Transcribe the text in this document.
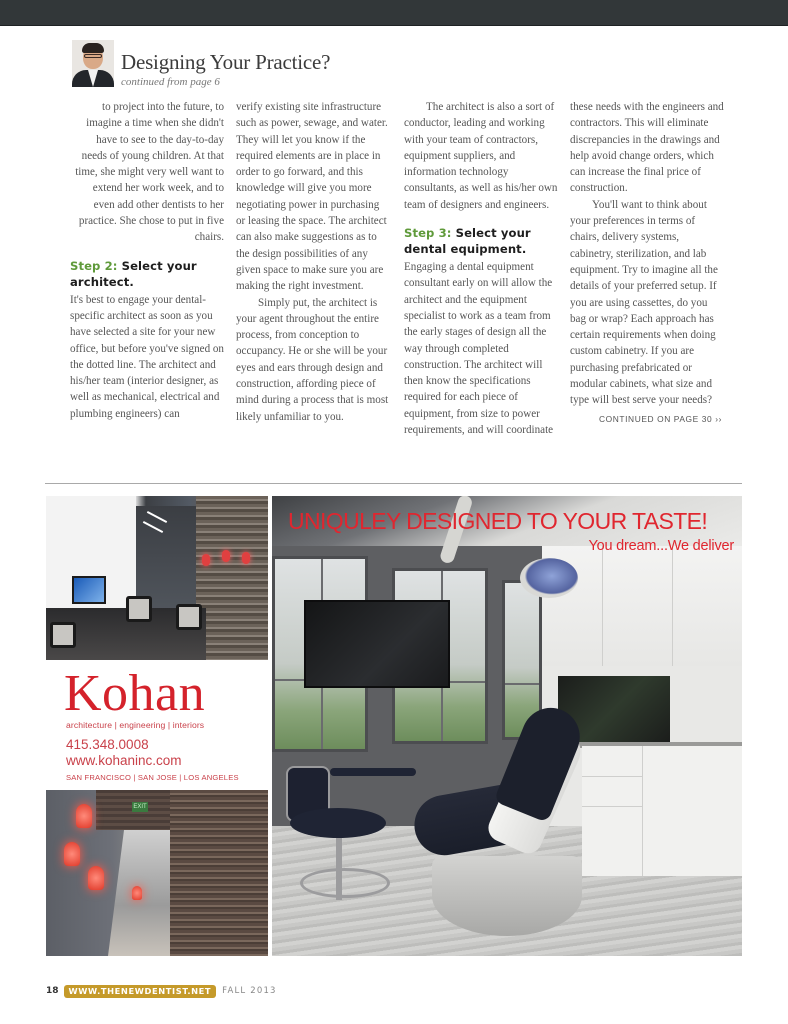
Designing Your Practice?
continued from page 6

to project into the future, to imagine a time when she didn't have to see to the day-to-day needs of young children. At that time, she might very well want to extend her work week, and to even add other dentists to her practice. She chose to put in five chairs.

Step 2: Select your architect.

It's best to engage your dental-specific architect as soon as you have selected a site for your new office, but before you've signed on the dotted line. The architect and his/her team (interior designer, as well as mechanical, electrical and plumbing engineers) can

verify existing site infrastructure such as power, sewage, and water. They will let you know if the required elements are in place in order to go forward, and this knowledge will give you more negotiating power in purchasing or leasing the space. The architect can also make suggestions as to the design possibilities of any given space to make sure you are making the right investment.

Simply put, the architect is your agent throughout the entire process, from conception to occupancy. He or she will be your eyes and ears through design and construction, affording piece of mind during a process that is most likely unfamiliar to you.

The architect is also a sort of conductor, leading and working with your team of contractors, equipment suppliers, and information technology consultants, as well as his/her own team of designers and engineers.

Step 3: Select your dental equipment.

Engaging a dental equipment consultant early on will allow the architect and the equipment specialist to work as a team from the early stages of design all the way through completed construction. The architect will then know the specifications required for each piece of equipment, from size to power requirements, and will coordinate

these needs with the engineers and contractors. This will eliminate discrepancies in the drawings and help avoid change orders, which can increase the final price of construction.

You'll want to think about your preferences in terms of chairs, delivery systems, cabinetry, sterilization, and lab equipment. Try to imagine all the details of your preferred setup. If you are using cassettes, do you bag or wrap? Each approach has certain requirements when doing custom cabinetry. If you are purchasing prefabricated or modular cabinets, what size and type will best serve your needs?

CONTINUED ON PAGE 30 ››
Kohan
architecture | engineering | interiors
415.348.0008
www.kohaninc.com
SAN FRANCISCO | SAN JOSE | LOS ANGELES
EXIT
UNIQULEY DESIGNED TO YOUR TASTE!
You dream...We deliver
18	WWW.THENEWDENTIST.NET	FALL 2013
